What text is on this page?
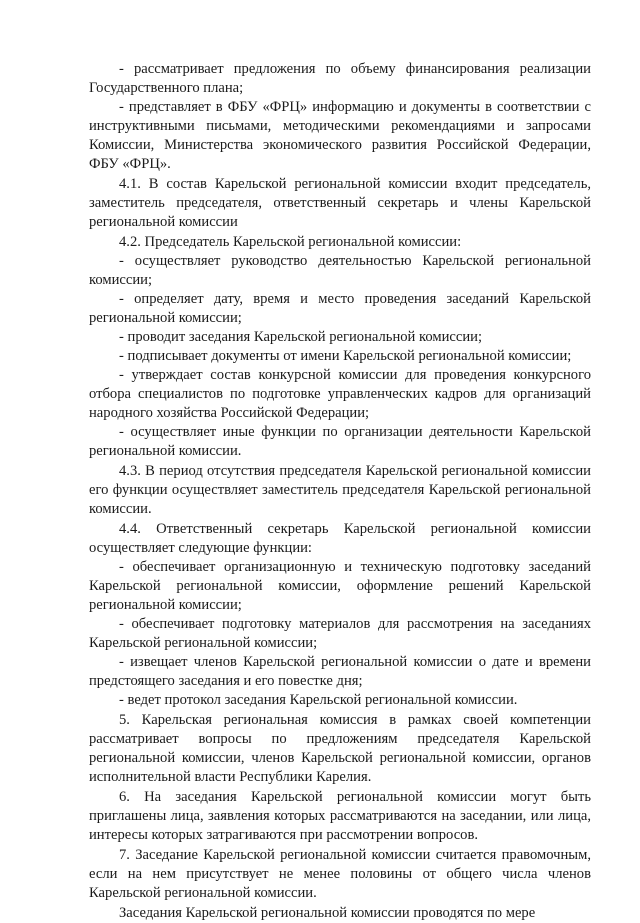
- рассматривает предложения по объему финансирования реализации Государственного плана;

- представляет в ФБУ «ФРЦ» информацию и документы в соответствии с инструктивными письмами, методическими рекомендациями и запросами Комиссии, Министерства экономического развития Российской Федерации, ФБУ «ФРЦ».

4.1. В состав Карельской региональной комиссии входит председатель, заместитель председателя, ответственный секретарь и члены Карельской региональной комиссии

4.2. Председатель Карельской региональной комиссии:

- осуществляет руководство деятельностью Карельской региональной комиссии;

- определяет дату, время и место проведения заседаний Карельской региональной комиссии;

- проводит заседания Карельской региональной комиссии;

- подписывает документы от имени Карельской региональной комиссии;

- утверждает состав конкурсной комиссии для проведения конкурсного отбора специалистов по подготовке управленческих кадров для организаций народного хозяйства Российской Федерации;

- осуществляет иные функции по организации деятельности Карельской региональной комиссии.

4.3. В период отсутствия председателя Карельской региональной комиссии его функции осуществляет заместитель председателя Карельской региональной комиссии.

4.4. Ответственный секретарь Карельской региональной комиссии осуществляет следующие функции:

- обеспечивает организационную и техническую подготовку заседаний Карельской региональной комиссии, оформление решений Карельской региональной комиссии;

- обеспечивает подготовку материалов для рассмотрения на заседаниях Карельской региональной комиссии;

- извещает членов Карельской региональной комиссии о дате и времени предстоящего заседания и его повестке дня;

- ведет протокол заседания Карельской региональной комиссии.

5. Карельская региональная комиссия в рамках своей компетенции рассматривает вопросы по предложениям председателя Карельской региональной комиссии, членов Карельской региональной комиссии, органов исполнительной власти Республики Карелия.

6. На заседания Карельской региональной комиссии могут быть приглашены лица, заявления которых рассматриваются на заседании, или лица, интересы которых затрагиваются при рассмотрении вопросов.

7. Заседание Карельской региональной комиссии считается правомочным, если на нем присутствует не менее половины от общего числа членов Карельской региональной комиссии.

Заседания Карельской региональной комиссии проводятся по мере
